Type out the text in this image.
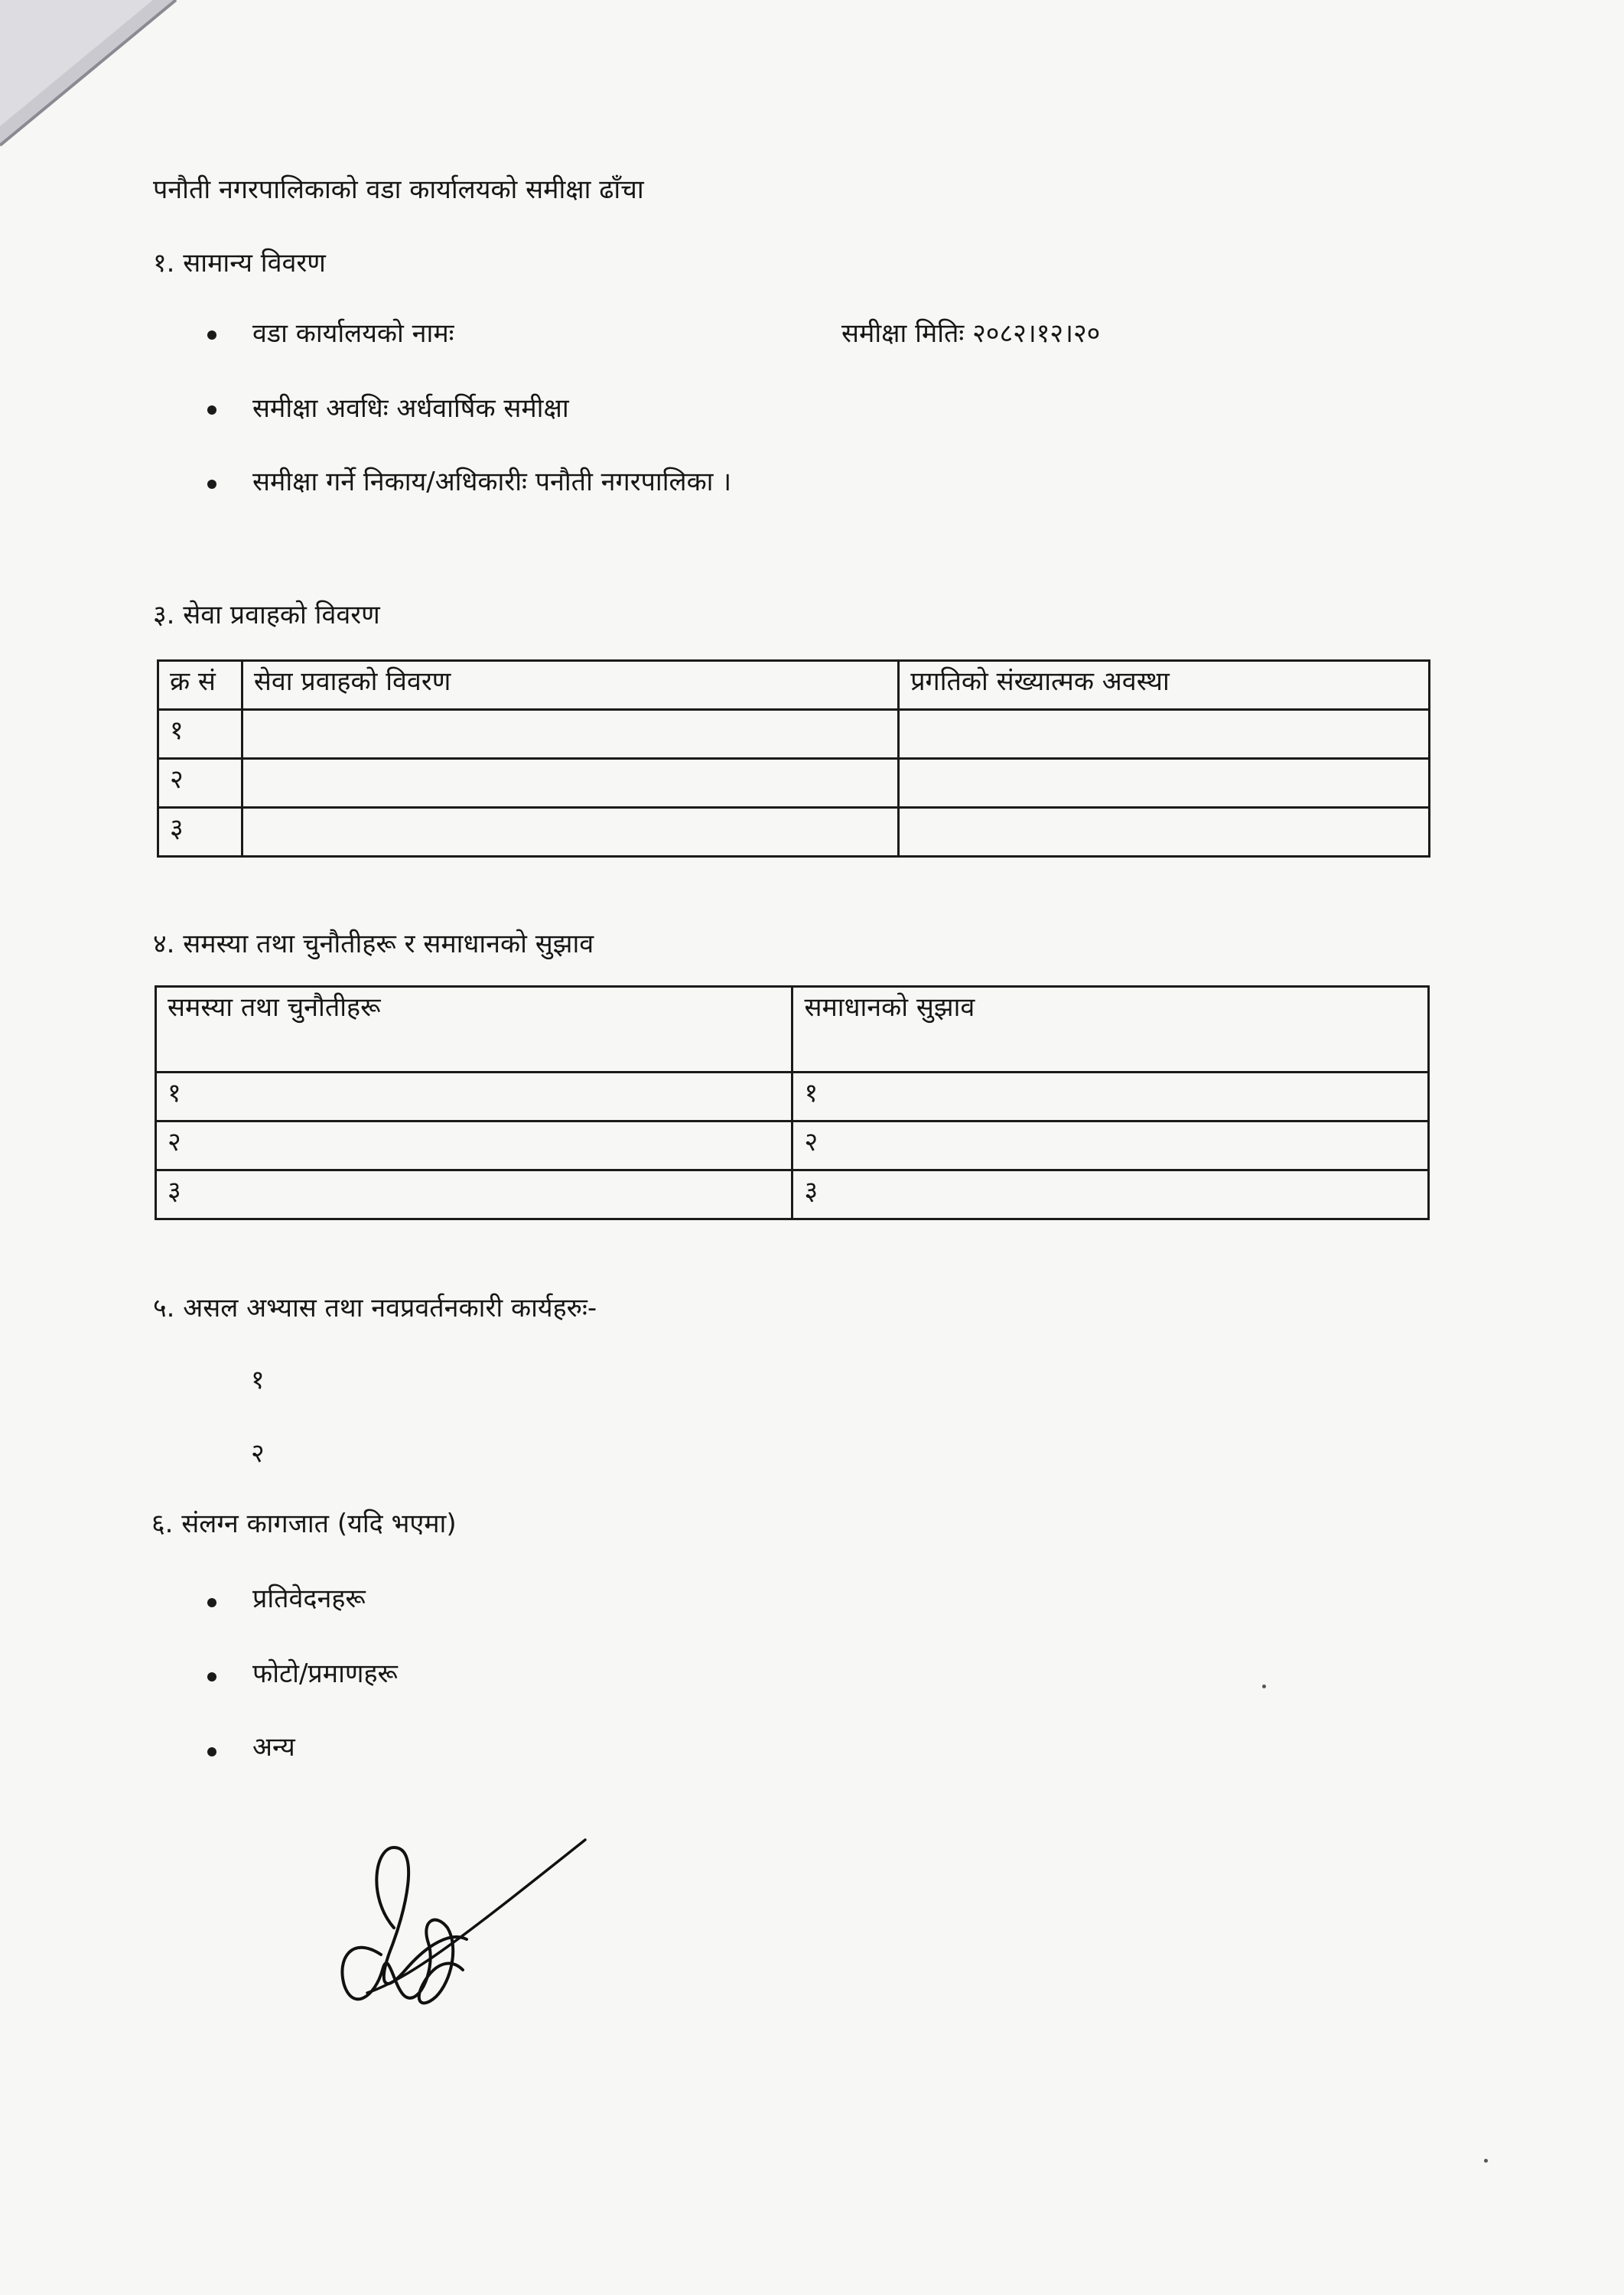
पनौती नगरपालिकाको वडा कार्यालयको समीक्षा ढाँचा
१. सामान्य विवरण
वडा कार्यालयको नामः	समीक्षा मितिः २०८२।१२।२०
समीक्षा अवधिः अर्धवार्षिक समीक्षा
समीक्षा गर्ने निकाय/अधिकारीः पनौती नगरपालिका ।
३. सेवा प्रवाहको विवरण
क्र सं	सेवा प्रवाहको विवरण	प्रगतिको संख्यात्मक अवस्था
१		
२		
३		
४. समस्या तथा चुनौतीहरू र समाधानको सुझाव
समस्या तथा चुनौतीहरू	समाधानको सुझाव
१	१
२	२
३	३
५. असल अभ्यास तथा नवप्रवर्तनकारी कार्यहरुः-
१
२
६. संलग्न कागजात (यदि भएमा)
प्रतिवेदनहरू
फोटो/प्रमाणहरू
अन्य
